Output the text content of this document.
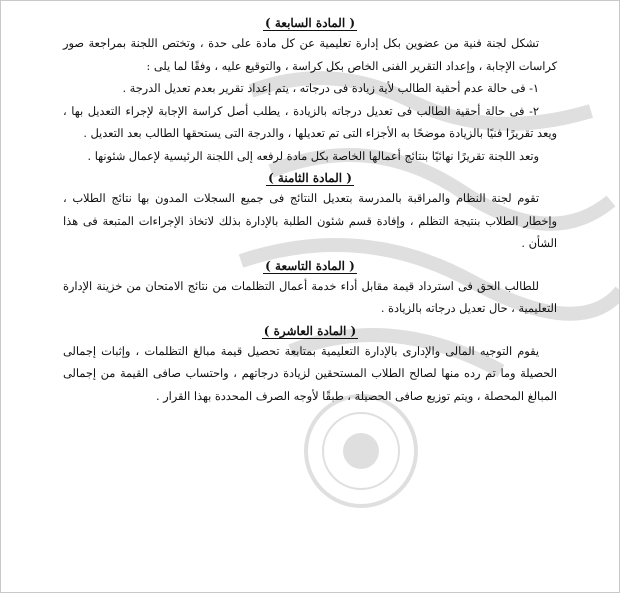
( المادة السابعة )

تشكل لجنة فنية من عضوين بكل إدارة تعليمية عن كل مادة على حدة ، وتختص اللجنة بمراجعة صور كراسات الإجابة ، وإعداد التقرير الفنى الخاص بكل كراسة ، والتوقيع عليه ، وفقًا لما يلى :

١- فى حالة عدم أحقية الطالب لأية زيادة فى درجاته ، يتم إعداد تقرير بعدم تعديل الدرجة .

٢- فى حالة أحقية الطالب فى تعديل درجاته بالزيادة ، يطلب أصل كراسة الإجابة لإجراء التعديل بها ، ويعد تقريرًا فنيًا بالزيادة موضحًا به الأجزاء التى تم تعديلها ، والدرجة التى يستحقها الطالب بعد التعديل .

وتعد اللجنة تقريرًا نهائيًا بنتائج أعمالها الخاصة بكل مادة لرفعه إلى اللجنة الرئيسية لإعمال شئونها .

( المادة الثامنة )

تقوم لجنة النظام والمراقبة بالمدرسة بتعديل النتائج فى جميع السجلات المدون بها نتائج الطلاب ، وإخطار الطلاب بنتيجة التظلم ، وإفادة قسم شئون الطلبة بالإدارة بذلك لاتخاذ الإجراءات المتبعة فى هذا الشأن .

( المادة التاسعة )

للطالب الحق فى استرداد قيمة مقابل أداء خدمة أعمال التظلمات من نتائج الامتحان من خزينة الإدارة التعليمية ، حال تعديل درجاته بالزيادة .

( المادة العاشرة )

يقوم التوجيه المالى والإدارى بالإدارة التعليمية بمتابعة تحصيل قيمة مبالغ التظلمات ، وإثبات إجمالى الحصيلة وما تم رده منها لصالح الطلاب المستحقين لزيادة درجاتهم ، واحتساب صافى القيمة من إجمالى المبالغ المحصلة ، ويتم توزيع صافى الحصيلة ، طبقًا لأوجه الصرف المحددة بهذا القرار .
